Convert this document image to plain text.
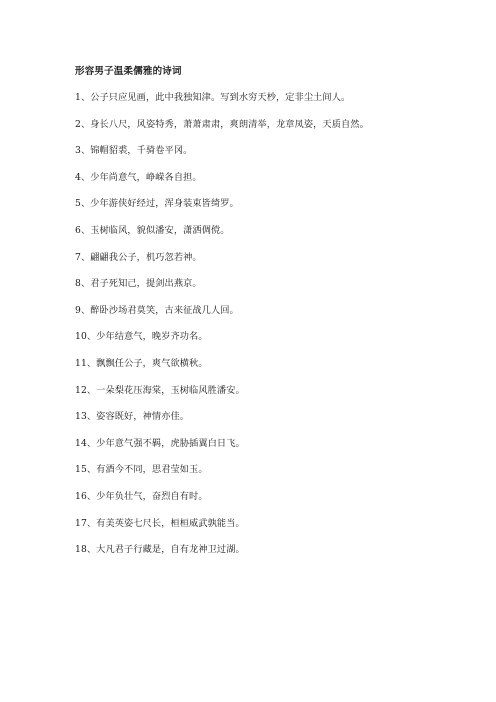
形容男子温柔儒雅的诗词
1、公子只应见画，此中我独知津。写到水穷天杪，定非尘土间人。
2、身长八尺，风姿特秀，萧萧肃肃，爽朗清举，龙章凤姿，天质自然。
3、锦帽貂裘，千骑卷平冈。
4、少年尚意气，峥嵘各自担。
5、少年游侠好经过，浑身装束皆绮罗。
6、玉树临风，貌似潘安，潇洒倜傥。
7、翩翩我公子，机巧忽若神。
8、君子死知己，提剑出燕京。
9、醉卧沙场君莫笑，古来征战几人回。
10、少年结意气，晚岁齐功名。
11、飘飘任公子，爽气欲横秋。
12、一朵梨花压海棠，玉树临风胜潘安。
13、姿容既好，神情亦佳。
14、少年意气强不羁，虎胁插翼白日飞。
15、有酒今不同，思君莹如玉。
16、少年负壮气，奋烈自有时。
17、有美英姿七尺长，桓桓威武孰能当。
18、大凡君子行藏是，自有龙神卫过湖。
